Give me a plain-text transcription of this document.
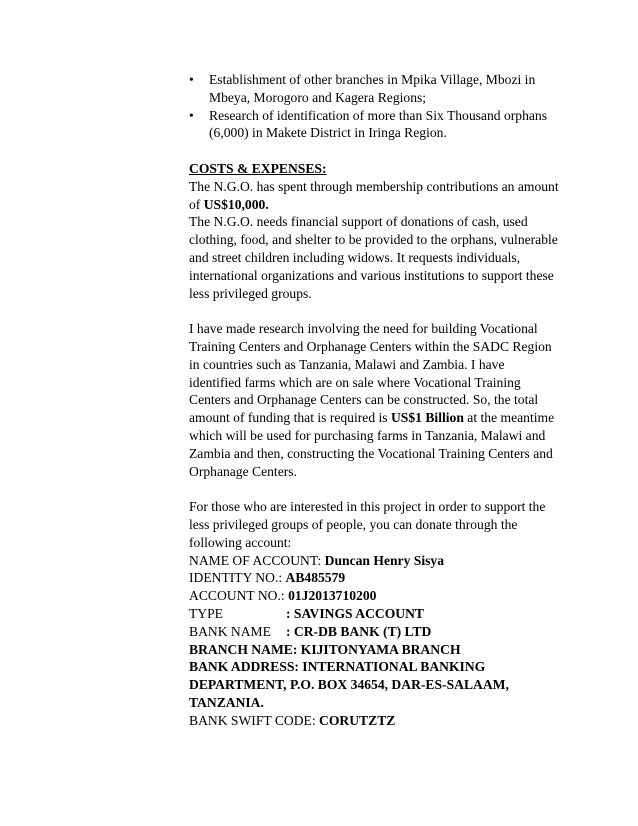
•	Establishment of other branches in Mpika Village, Mbozi in Mbeya, Morogoro and Kagera Regions;
•	Research of identification of more than Six Thousand orphans (6,000) in Makete District in Iringa Region.

COSTS & EXPENSES:

The N.G.O. has spent through membership contributions an amount of US$10,000.

The N.G.O. needs financial support of donations of cash, used clothing, food, and shelter to be provided to the orphans, vulnerable and street children including widows. It requests individuals, international organizations and various institutions to support these less privileged groups.

I have made research involving the need for building Vocational Training Centers and Orphanage Centers within the SADC Region in countries such as Tanzania, Malawi and Zambia. I have identified farms which are on sale where Vocational Training Centers and Orphanage Centers can be constructed. So, the total amount of funding that is required is US$1 Billion at the meantime which will be used for purchasing farms in Tanzania, Malawi and Zambia and then, constructing the Vocational Training Centers and Orphanage Centers.

For those who are interested in this project in order to support the less privileged groups of people, you can donate through the following account:

NAME OF ACCOUNT: Duncan Henry Sisya

IDENTITY NO.: AB485579

ACCOUNT NO.: 01J2013710200

TYPE	: SAVINGS ACCOUNT

BANK NAME : CR-DB BANK (T) LTD

BRANCH NAME: KIJITONYAMA BRANCH

BANK ADDRESS: INTERNATIONAL BANKING DEPARTMENT, P.O. BOX 34654, DAR-ES-SALAAM, TANZANIA.

BANK SWIFT CODE: CORUTZTZ
